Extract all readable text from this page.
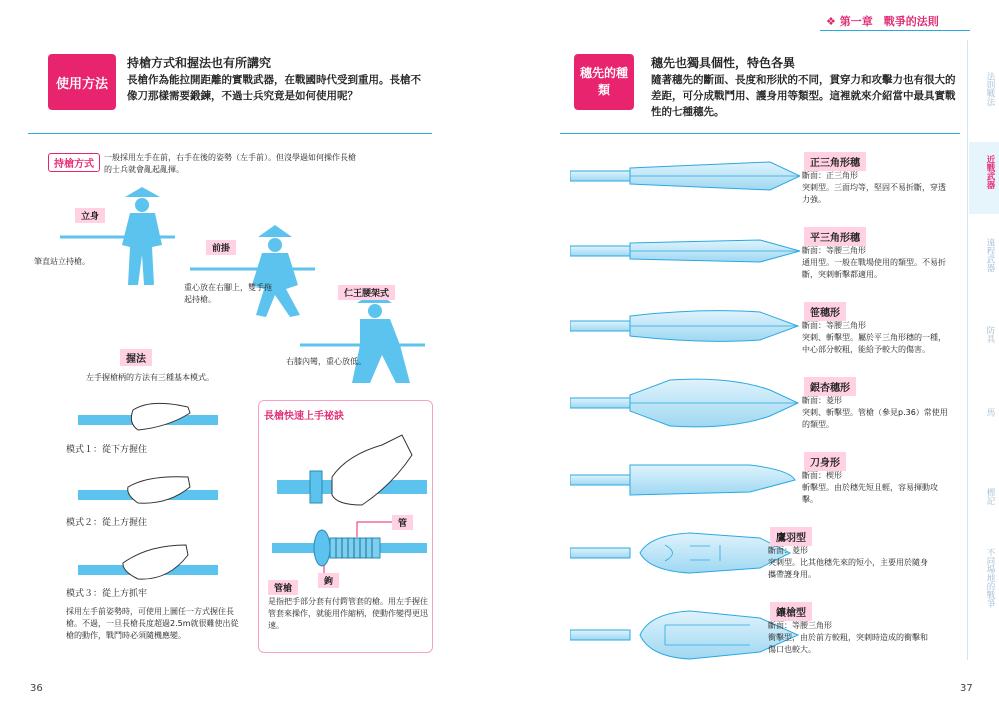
❖ 第一章　戰爭的法則
使用方法
持槍方式和握法也有所講究
長槍作為能拉開距離的實戰武器，在戰國時代受到重用。長槍不像刀那樣需要鍛鍊，不過士兵究竟是如何使用呢？
持槍方式
一般採用左手在前，右手在後的姿勢（左手前）。但沒學過如何操作長槍的士兵就會亂起亂揮。
立身
筆直站立持槍。
前掛
重心放在右腳上，雙手拖起持槍。
仁王腰架式
右膝內彎，重心放低。
握法
左手握槍柄的方法有三種基本模式。
模式１：從下方握住
模式２：從上方握住
模式３：從上方抓牢
採用左手前姿勢時，可使用上圖任一方式握住長槍。不過，一旦長槍長度超過2.5m就很難使出從槍的動作，戰鬥時必須隨機應變。
長槍快速上手祕訣
管
鉤
管槍
是指把手部分套有付鍔管套的槍。用左手握住管套來操作，就能用作縮柄，使動作變得更迅速。
36
穗先的種類
穗先也獨具個性，特色各異
隨著穗先的斷面、長度和形狀的不同，貫穿力和攻擊力也有很大的差距，可分成戰鬥用、護身用等類型。這裡就來介紹當中最具實戰性的七種穗先。
正三角形穗
斷面：正三角形
突刺型。三面均等，堅固不易折斷，穿透力強。
平三角形穗
斷面：等腰三角形
通用型。一般在戰場使用的類型。不易折斷，突刺斬擊都適用。
笹穗形
斷面：等腰三角形
突刺、斬擊型。屬於平三角形穗的一種，中心部分較粗，能給予較大的傷害。
銀杏穗形
斷面：菱形
突刺、斬擊型。管槍（參見p.36）常使用的類型。
刀身形
斷面：楔形
斬擊型。由於穗先短且輕，容易揮動攻擊。
鷹羽型
斷面：菱形
突刺型。比其他穗先來的短小，主要用於隨身攜帶護身用。
鑲槍型
斷面：等腰三角形
衝擊型，由於前方較粗，突刺時造成的衝擊和傷口也較大。
37
法則戰法
近戰武器
遠程武器
防具
馬
標記
不同場地的戰爭
